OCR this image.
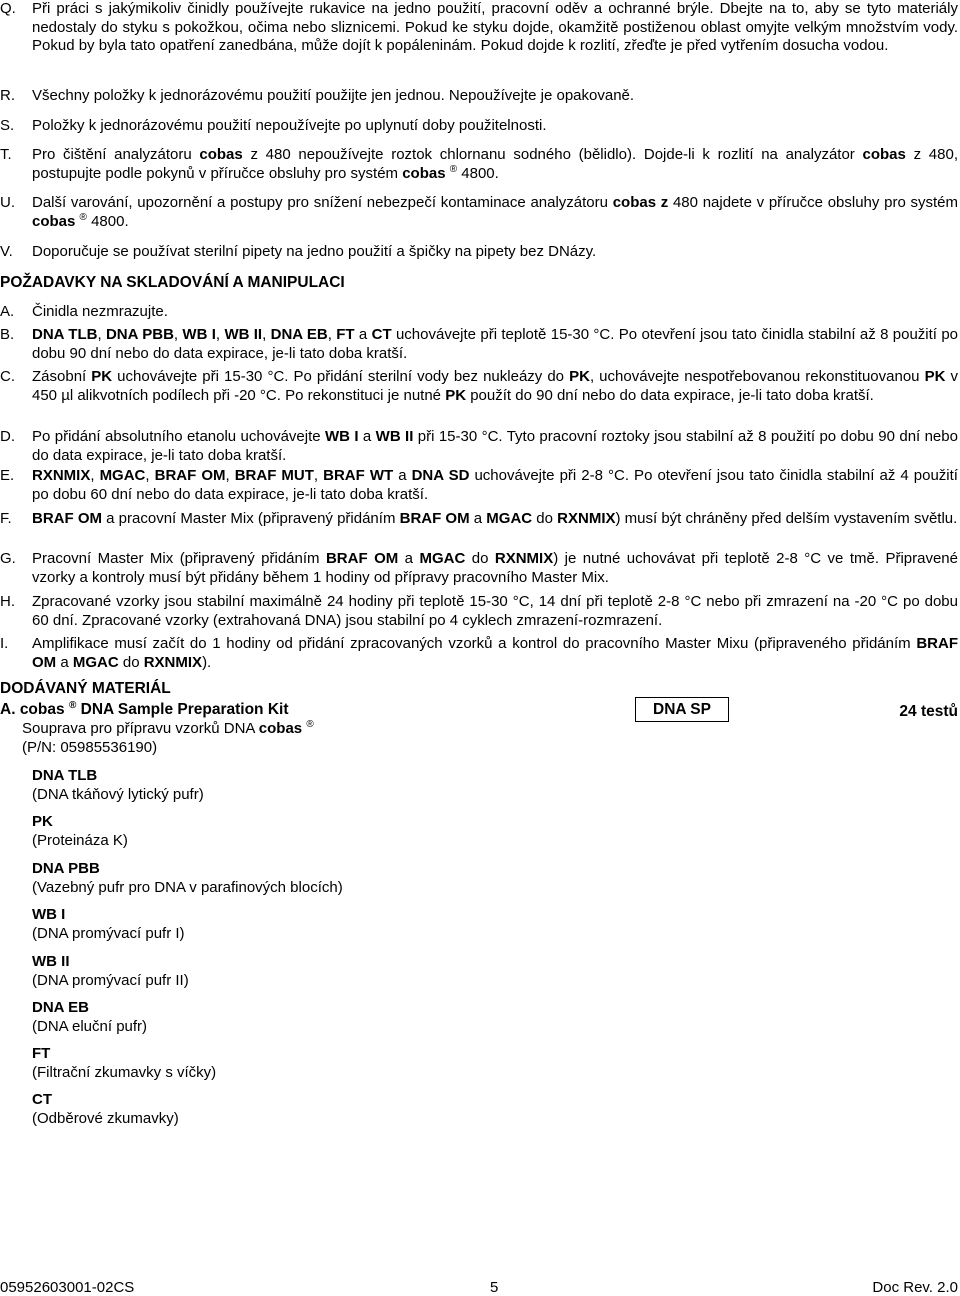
Q.	Při práci s jakýmikoliv činidly používejte rukavice na jedno použití, pracovní oděv a ochranné brýle. Dbejte na to, aby se tyto materiály nedostaly do styku s pokožkou, očima nebo sliznicemi. Pokud ke styku dojde, okamžitě postiženou oblast omyjte velkým množstvím vody. Pokud by byla tato opatření zanedbána, může dojít k popáleninám. Pokud dojde k rozlití, zřeďte je před vytřením dosucha vodou.
R.	Všechny položky k jednorázovému použití použijte jen jednou. Nepoužívejte je opakovaně.
S.	Položky k jednorázovému použití nepoužívejte po uplynutí doby použitelnosti.
T.	Pro čištění analyzátoru cobas z 480 nepoužívejte roztok chlornanu sodného (bělidlo). Dojde-li k rozlití na analyzátor cobas z 480, postupujte podle pokynů v příručce obsluhy pro systém cobas ® 4800.
U.	Další varování, upozornění a postupy pro snížení nebezpečí kontaminace analyzátoru cobas z 480 najdete v příručce obsluhy pro systém cobas ® 4800.
V.	Doporučuje se používat sterilní pipety na jedno použití a špičky na pipety bez DNázy.
POŽADAVKY NA SKLADOVÁNÍ A MANIPULACI
A.	Činidla nezmrazujte.
B.	DNA TLB, DNA PBB, WB I, WB II, DNA EB, FT a CT uchovávejte při teplotě 15-30 °C. Po otevření jsou tato činidla stabilní až 8 použití po dobu 90 dní nebo do data expirace, je-li tato doba kratší.
C.	Zásobní PK uchovávejte při 15-30 °C. Po přidání sterilní vody bez nukleázy do PK, uchovávejte nespotřebovanou rekonstituovanou PK v 450 µl alikvotních podílech při -20 °C. Po rekonstituci je nutné PK použít do 90 dní nebo do data expirace, je-li tato doba kratší.
D.	Po přidání absolutního etanolu uchovávejte WB I a WB II při 15-30 °C. Tyto pracovní roztoky jsou stabilní až 8 použití po dobu 90 dní nebo do data expirace, je-li tato doba kratší.
E.	RXNMIX, MGAC, BRAF OM, BRAF MUT, BRAF WT a DNA SD uchovávejte při 2-8 °C. Po otevření jsou tato činidla stabilní až 4 použití po dobu 60 dní nebo do data expirace, je-li tato doba kratší.
F.	BRAF OM a pracovní Master Mix (připravený přidáním BRAF OM a MGAC do RXNMIX) musí být chráněny před delším vystavením světlu.
G.	Pracovní Master Mix (připravený přidáním BRAF OM a MGAC do RXNMIX) je nutné uchovávat při teplotě 2-8 °C ve tmě. Připravené vzorky a kontroly musí být přidány během 1 hodiny od přípravy pracovního Master Mix.
H.	Zpracované vzorky jsou stabilní maximálně 24 hodiny při teplotě 15-30 °C, 14 dní při teplotě 2-8 °C nebo při zmrazení na -20 °C po dobu 60 dní. Zpracované vzorky (extrahovaná DNA) jsou stabilní po 4 cyklech zmrazení-rozmrazení.
I.	Amplifikace musí začít do 1 hodiny od přidání zpracovaných vzorků a kontrol do pracovního Master Mixu (připraveného přidáním BRAF OM a MGAC do RXNMIX).
DODÁVANÝ MATERIÁL
A. cobas ® DNA Sample Preparation Kit	DNA SP	24 testů
Souprava pro přípravu vzorků DNA cobas ®
(P/N: 05985536190)
DNA TLB
(DNA tkáňový lytický pufr)
PK
(Proteináza K)
DNA PBB
(Vazebný pufr pro DNA v parafinových blocích)
WB I
(DNA promývací pufr I)
WB II
(DNA promývací pufr II)
DNA EB
(DNA eluční pufr)
FT
(Filtrační zkumavky s víčky)
CT
(Odběrové zkumavky)
05952603001-02CS	5	Doc Rev. 2.0
